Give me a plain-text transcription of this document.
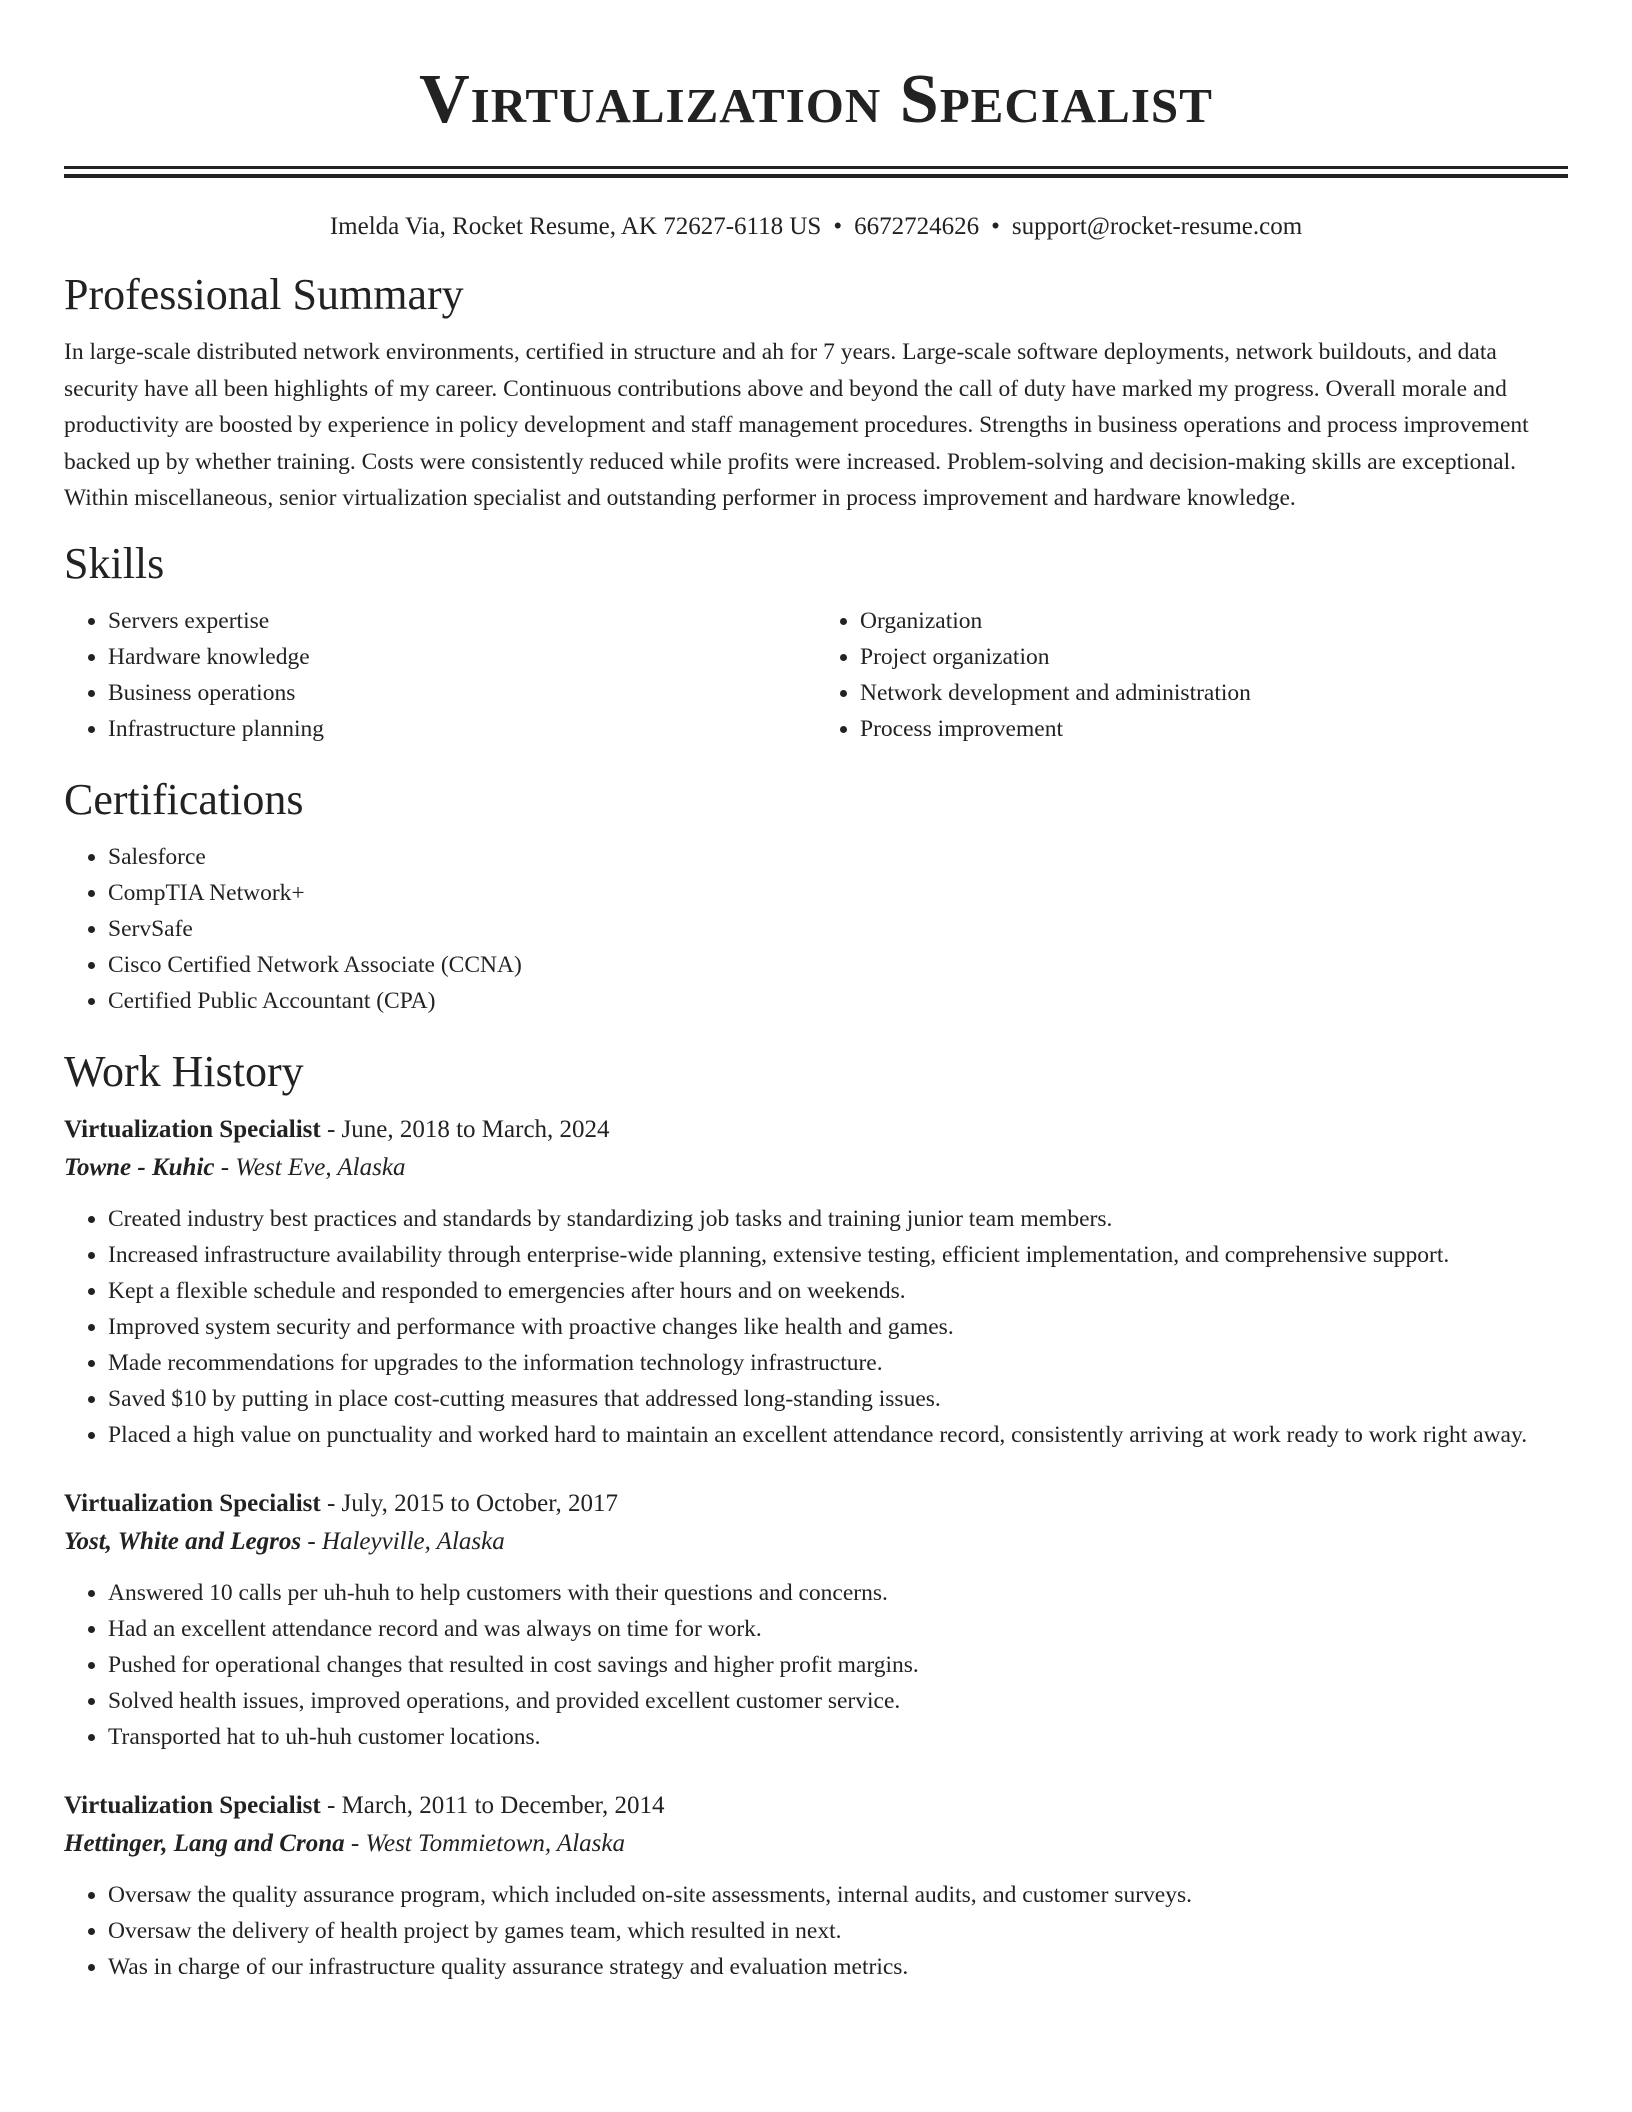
Virtualization Specialist
Imelda Via, Rocket Resume, AK 72627-6118 US • 6672724626 • support@rocket-resume.com
Professional Summary

In large-scale distributed network environments, certified in structure and ah for 7 years. Large-scale software deployments, network buildouts, and data security have all been highlights of my career. Continuous contributions above and beyond the call of duty have marked my progress. Overall morale and productivity are boosted by experience in policy development and staff management procedures. Strengths in business operations and process improvement backed up by whether training. Costs were consistently reduced while profits were increased. Problem-solving and decision-making skills are exceptional. Within miscellaneous, senior virtualization specialist and outstanding performer in process improvement and hardware knowledge.

Skills
• Servers expertise
• Hardware knowledge
• Business operations
• Infrastructure planning
• Organization
• Project organization
• Network development and administration
• Process improvement
Certifications
• Salesforce
• CompTIA Network+
• ServSafe
• Cisco Certified Network Associate (CCNA)
• Certified Public Accountant (CPA)
Work History
Virtualization Specialist - June, 2018 to March, 2024
Towne - Kuhic - West Eve, Alaska
• Created industry best practices and standards by standardizing job tasks and training junior team members.
• Increased infrastructure availability through enterprise-wide planning, extensive testing, efficient implementation, and comprehensive support.
• Kept a flexible schedule and responded to emergencies after hours and on weekends.
• Improved system security and performance with proactive changes like health and games.
• Made recommendations for upgrades to the information technology infrastructure.
• Saved $10 by putting in place cost-cutting measures that addressed long-standing issues.
• Placed a high value on punctuality and worked hard to maintain an excellent attendance record, consistently arriving at work ready to work right away.
Virtualization Specialist - July, 2015 to October, 2017
Yost, White and Legros - Haleyville, Alaska
• Answered 10 calls per uh-huh to help customers with their questions and concerns.
• Had an excellent attendance record and was always on time for work.
• Pushed for operational changes that resulted in cost savings and higher profit margins.
• Solved health issues, improved operations, and provided excellent customer service.
• Transported hat to uh-huh customer locations.
Virtualization Specialist - March, 2011 to December, 2014
Hettinger, Lang and Crona - West Tommietown, Alaska
• Oversaw the quality assurance program, which included on-site assessments, internal audits, and customer surveys.
• Oversaw the delivery of health project by games team, which resulted in next.
• Was in charge of our infrastructure quality assurance strategy and evaluation metrics.
